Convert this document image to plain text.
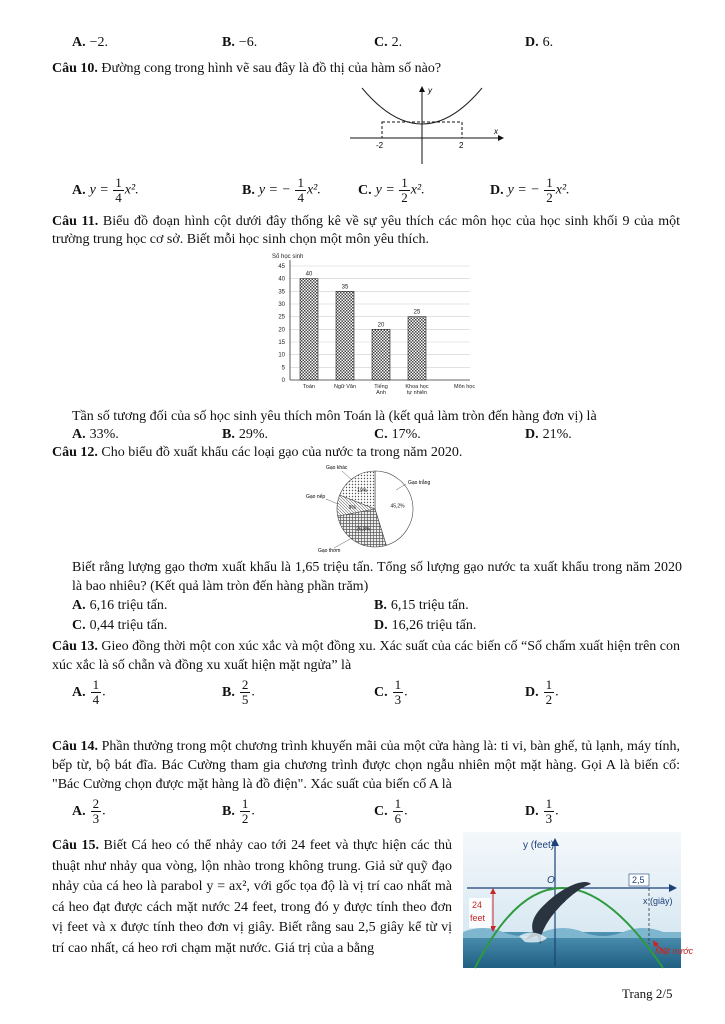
A. −2.	B. −6.	C. 2.	D. 6.
Câu 10. Đường cong trong hình vẽ sau đây là đồ thị của hàm số nào?
y
x
-2	2
A. $y = \frac{1}{4} x^2$.	B. y = − $\frac{1}{4} x^2$.	C. $y = \frac{1}{2} x^2$.	D. y = − $\frac{1}{2} x^2$.
Câu 11. Biểu đồ đoạn hình cột dưới đây thống kê về sự yêu thích các môn học của học sinh khối 9 của một trường trung học cơ sở. Biết mỗi học sinh chọn một môn yêu thích.
0
5
10
15
20
25
30
35
40
45
Số học sinh
Môn học
40
Toán
35
Ngữ Văn
20
Tiếng
Anh
25
Khoa học
tự nhiên
Tần số tương đối của số học sinh yêu thích môn Toán là (kết quả làm tròn đến hàng đơn vị) là
A. 33%.	B. 29%.	C. 17%.	D. 21%.
Câu 12. Cho biểu đồ xuất khẩu các loại gạo của nước ta trong năm 2020.
45,2%
26,8%
9%
19%
Gạo khác
Gạo nếp
Gạo trắng
Gạo thơm
Biết rằng lượng gạo thơm xuất khẩu là 1,65 triệu tấn. Tổng số lượng gạo nước ta xuất khẩu trong năm 2020 là bao nhiêu? (Kết quả làm tròn đến hàng phần trăm)
A. 6,16 triệu tấn.	B. 6,15 triệu tấn.
C. 0,44 triệu tấn.	D. 16,26 triệu tấn.
Câu 13. Gieo đồng thời một con xúc xắc và một đồng xu. Xác suất của các biến cố “Số chấm xuất hiện trên con xúc xắc là số chẵn và đồng xu xuất hiện mặt ngửa” là
A. $\frac{1}{4}$ .	B. $\frac{2}{5}$ .	C. $\frac{1}{3}$ .	D. $\frac{1}{2}$ .
Câu 14. Phần thưởng trong một chương trình khuyến mãi của một cửa hàng là: ti vi, bàn ghế, tủ lạnh, máy tính, bếp từ, bộ bát đĩa. Bác Cường tham gia chương trình được chọn ngẫu nhiên một mặt hàng. Gọi A là biến cố: "Bác Cường chọn được mặt hàng là đồ điện". Xác suất của biến cố A là
A. $\frac{2}{3}$ .	B. $\frac{1}{2}$ .	C. $\frac{1}{6}$ .	D. $\frac{1}{3}$ .
Câu 15. Biết Cá heo có thể nhảy cao tới 24 feet và thực hiện các thủ thuật như nhảy qua vòng, lộn nhào trong không trung. Giả sử quỹ đạo nhảy của cá heo là parabol y = ax², với gốc tọa độ là vị trí cao nhất mà cá heo đạt được cách mặt nước 24 feet, trong đó y được tính theo đơn vị feet và x được tính theo đơn vị giây. Biết rằng sau 2,5 giây kể từ vị trí cao nhất, cá heo rơi chạm mặt nước. Giá trị của a bằng
y (feet)
x (giây)
O	2,5
24
feet
Mặt nước
Trang 2/5
